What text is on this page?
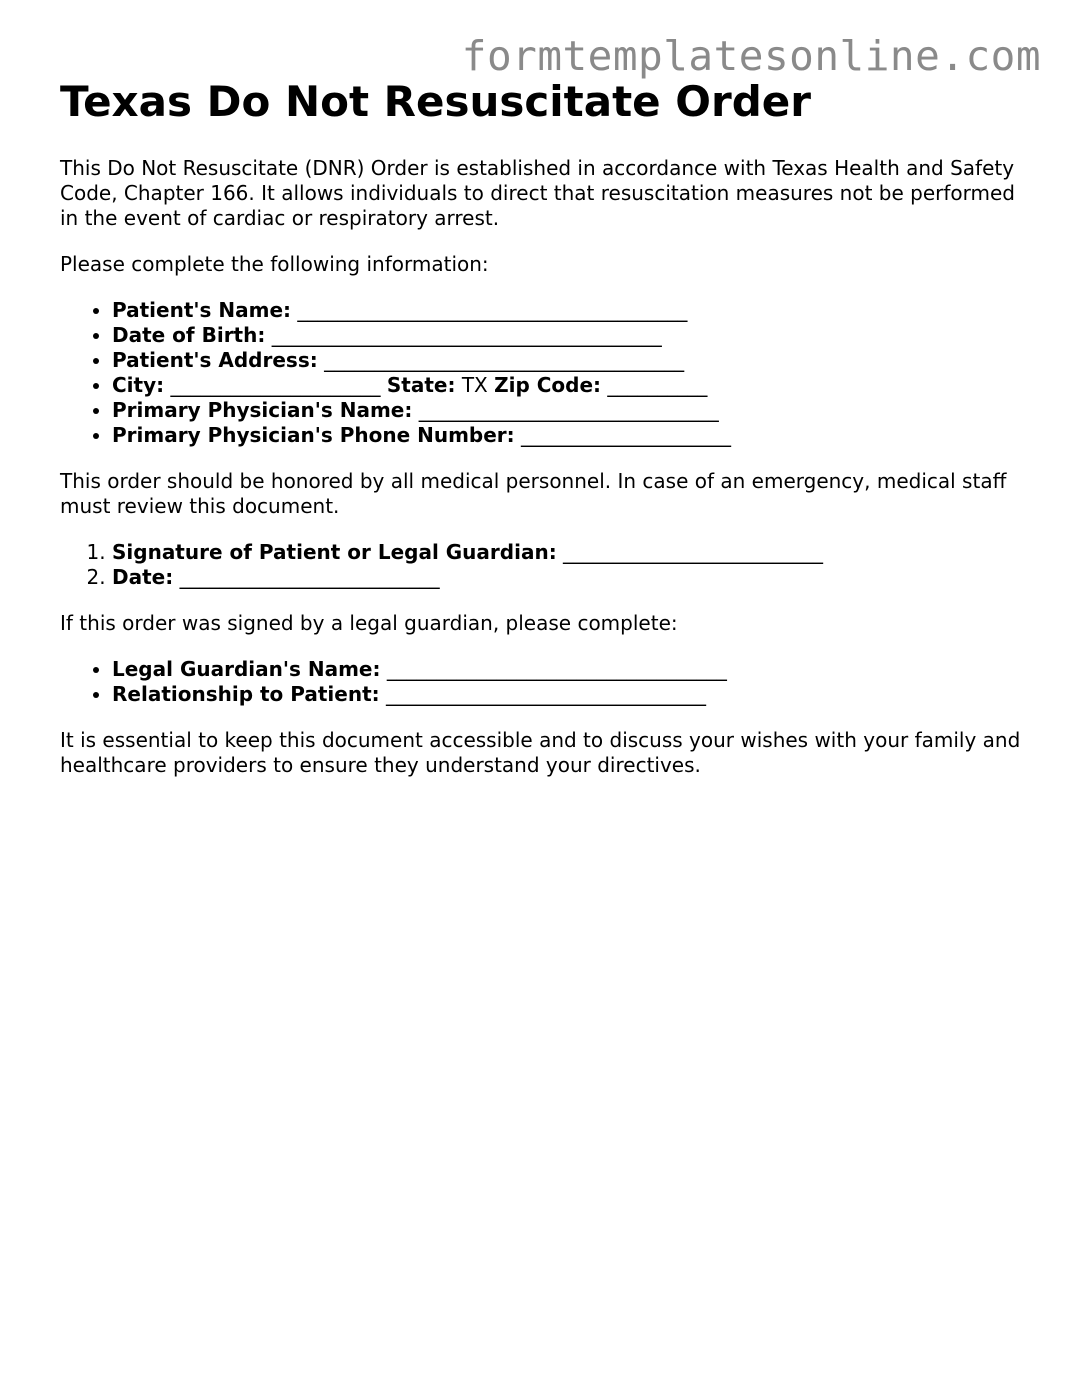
formtemplatesonline.com
Texas Do Not Resuscitate Order

This Do Not Resuscitate (DNR) Order is established in accordance with Texas Health and Safety Code, Chapter 166. It allows individuals to direct that resuscitation measures not be performed in the event of cardiac or respiratory arrest.

Please complete the following information:

• Patient's Name: _______________________________________
• Date of Birth: _______________________________________
• Patient's Address: ____________________________________
• City: _____________________ State: TX Zip Code: __________
• Primary Physician's Name: ______________________________
• Primary Physician's Phone Number: _____________________

This order should be honored by all medical personnel. In case of an emergency, medical staff must review this document.

1. Signature of Patient or Legal Guardian: __________________________
2. Date: __________________________

If this order was signed by a legal guardian, please complete:

• Legal Guardian's Name: __________________________________
• Relationship to Patient: ________________________________

It is essential to keep this document accessible and to discuss your wishes with your family and healthcare providers to ensure they understand your directives.
